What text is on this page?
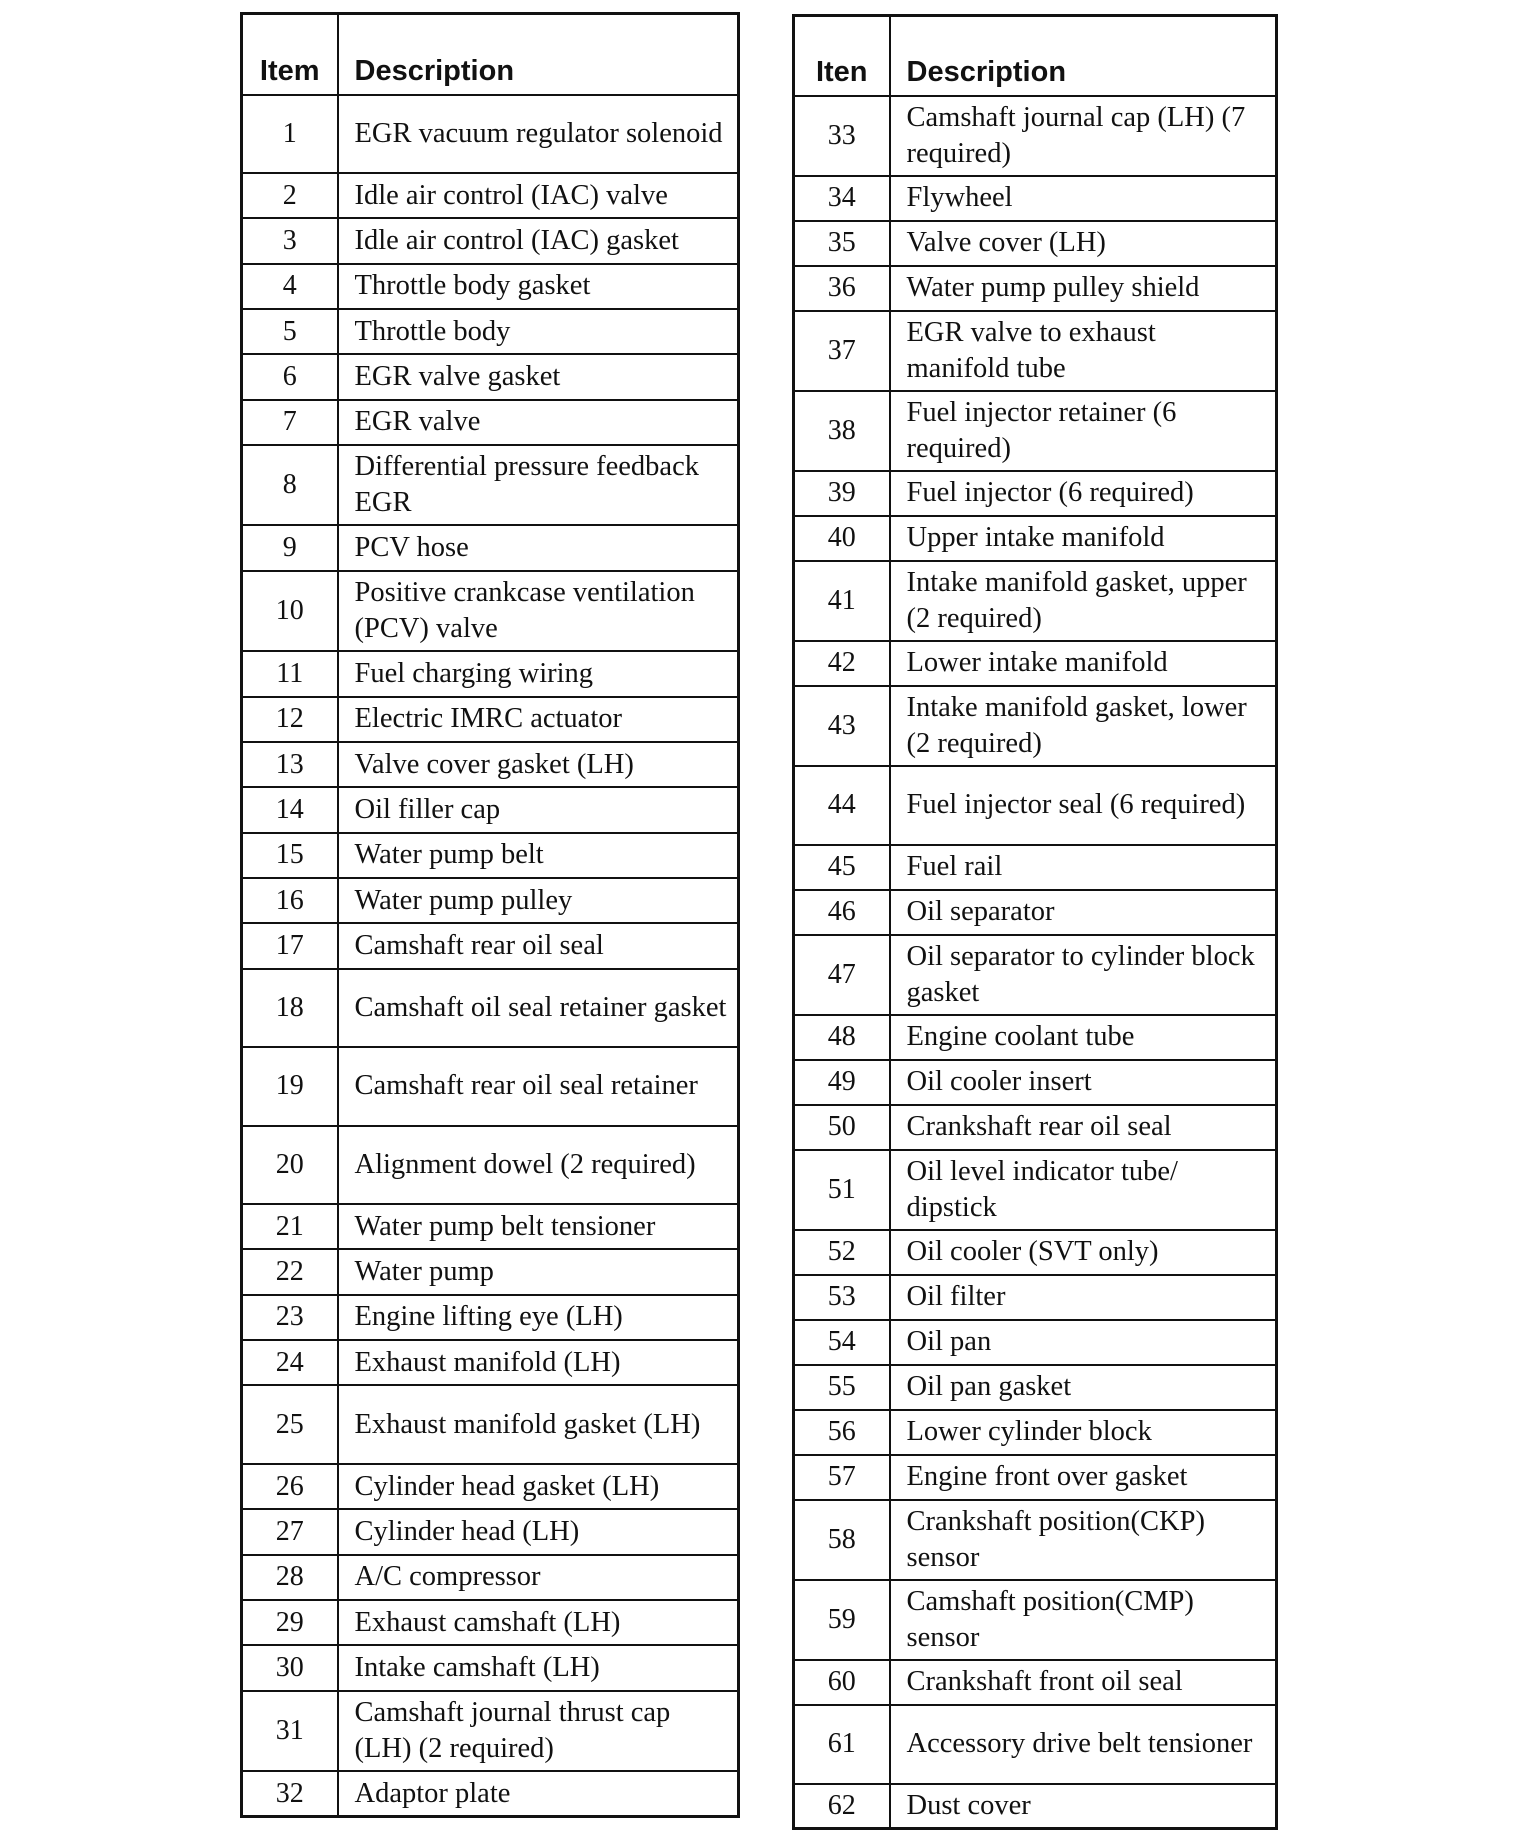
Item	Description
1	EGR vacuum regulator solenoid
2	Idle air control (IAC) valve
3	Idle air control (IAC) gasket
4	Throttle body gasket
5	Throttle body
6	EGR valve gasket
7	EGR valve
8	Differential pressure feedback EGR
9	PCV hose
10	Positive crankcase ventilation (PCV) valve
11	Fuel charging wiring
12	Electric IMRC actuator
13	Valve cover gasket (LH)
14	Oil filler cap
15	Water pump belt
16	Water pump pulley
17	Camshaft rear oil seal
18	Camshaft oil seal retainer gasket
19	Camshaft rear oil seal retainer
20	Alignment dowel (2 required)
21	Water pump belt tensioner
22	Water pump
23	Engine lifting eye (LH)
24	Exhaust manifold (LH)
25	Exhaust manifold gasket (LH)
26	Cylinder head gasket (LH)
27	Cylinder head (LH)
28	A/C compressor
29	Exhaust camshaft (LH)
30	Intake camshaft (LH)
31	Camshaft journal thrust cap (LH) (2 required)
32	Adaptor plate
Iten	Description
33	Camshaft journal cap (LH) (7 required)
34	Flywheel
35	Valve cover (LH)
36	Water pump pulley shield
37	EGR valve to exhaust manifold tube
38	Fuel injector retainer (6 required)
39	Fuel injector (6 required)
40	Upper intake manifold
41	Intake manifold gasket, upper (2 required)
42	Lower intake manifold
43	Intake manifold gasket, lower (2 required)
44	Fuel injector seal (6 required)
45	Fuel rail
46	Oil separator
47	Oil separator to cylinder block gasket
48	Engine coolant tube
49	Oil cooler insert
50	Crankshaft rear oil seal
51	Oil level indicator tube/ dipstick
52	Oil cooler (SVT only)
53	Oil filter
54	Oil pan
55	Oil pan gasket
56	Lower cylinder block
57	Engine front over gasket
58	Crankshaft position(CKP) sensor
59	Camshaft position(CMP) sensor
60	Crankshaft front oil seal
61	Accessory drive belt tensioner
62	Dust cover
